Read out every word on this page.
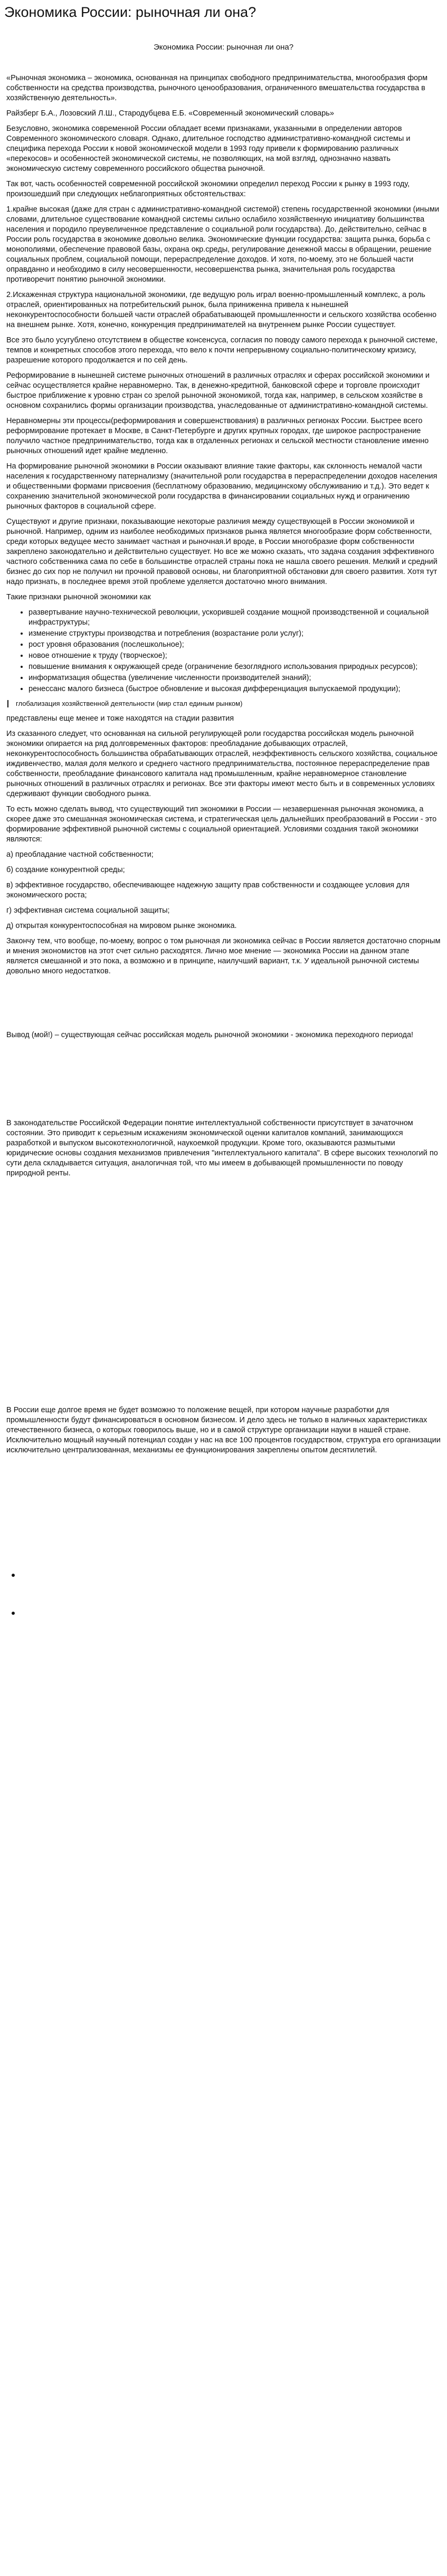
Экономика России: рыночная ли она?
Экономика России: рыночная ли она?

«Рыночная экономика – экономика, основанная на принципах свободного предпринимательства, многообразия форм собственности на средства производства, рыночного ценообразования, ограниченного вмешательства государства в хозяйственную деятельность».

Райзберг Б.А., Лозовский Л.Ш., Стародубцева Е.Б. «Современный экономический словарь»

Безусловно, экономика современной России обладает всеми признаками, указанными в определении авторов Современного экономического словаря. Однако, длительное господство административно-командной системы и специфика перехода России к новой экономической модели в 1993 году привели к формированию различных «перекосов» и особенностей экономической системы, не позволяющих, на мой взгляд, однозначно назвать экономическую систему современного российского общества рыночной.

Так вот, часть особенностей современной российской экономики определил переход России к рынку в 1993 году, произошедший при следующих неблагоприятных обстоятельствах:

1.крайне высокая (даже для стран с административно-командной системой) степень государственной экономики (иными словами, длительное существование командной системы сильно ослабило хозяйственную инициативу большинства населения и породило преувеличенное представление о социальной роли государства). До, действительно, сейчас в России роль государства в экономике довольно велика. Экономические функции государства: защита рынка, борьба с монополиями, обеспечение правовой базы, охрана окр.среды, регулирование денежной массы в обращении, решение социальных проблем, социальной помощи, перераспределение доходов. И хотя, по-моему, это не большей части оправданно и необходимо в силу несовершенности, несовершенства рынка, значительная роль государства противоречит понятию рыночной экономики.

2.Искаженная структура национальной экономики, где ведущую роль играл военно-промышленный комплекс, а роль отраслей, ориентированных на потребительский рынок, была приниженна привела к нынешней неконкурентоспособности большей части отраслей обрабатывающей промышленности и сельского хозяйства особенно на внешнем рынке. Хотя, конечно, конкуренция предпринимателей на внутреннем рынке России существует.

Все это было усугублено отсутствием в обществе консенсуса, согласия по поводу самого перехода к рыночной системе, темпов и конкретных способов этого перехода, что вело к почти непрерывному социально-политическому кризису, разрешение которого продолжается и по сей день.

Реформирование в нынешней системе рыночных отношений в различных отраслях и сферах российской экономики и сейчас осуществляется крайне неравномерно. Так, в денежно-кредитной, банковской сфере и торговле происходит быстрое приближение к уровню стран со зрелой рыночной экономикой, тогда как, например, в сельском хозяйстве в основном сохранились формы организации производства, унаследованные от административно-командной системы.

Неравномерны эти процессы(реформирования и совершенствования) в различных регионах России. Быстрее всего реформирование протекает в Москве, в Санкт-Петербурге и других крупных городах, где широкое распространение получило частное предпринимательство, тогда как в отдаленных регионах и сельской местности становление именно рыночных отношений идет крайне медленно.

На формирование рыночной экономики в России оказывают влияние такие факторы, как склонность немалой части населения к государственному патернализму (значительной роли государства в перераспределении доходов населения и общественными формами присвоения (бесплатному образованию, медицинскому обслуживанию и т.д.). Это ведет к сохранению значительной экономической роли государства в финансировании социальных нужд и ограничению рыночных факторов в социальной сфере.

Существуют и другие признаки, показывающие некоторые различия между существующей в России экономикой и рыночной. Например, одним из наиболее необходимых признаков рынка является многообразие форм собственности, среди которых ведущее место занимает частная и рыночная.И вроде, в России многобразие форм собственности закреплено законодательно и действительно существует. Но все же можно сказать, что задача создания эффективного частного собственника сама по себе в большинстве отраслей страны пока не нашла своего решения. Мелкий и средний бизнес до сих пор не получил ни прочной правовой основы, ни благоприятной обстановки для своего развития. Хотя тут надо признать, в последнее время этой проблеме уделяется достаточно много внимания.

Такие признаки рыночной экономики как

• развертывание научно-технической революции, ускорившей создание мощной производственной и социальной инфраструктуры;
• изменение структуры производства и потребления (возрастание роли услуг);
• рост уровня образования (послешкольное);
• новое отношение к труду (творческое);
• повышение внимания к окружающей среде (ограничение безоглядного использования природных ресурсов);
• информатизация общества (увеличение численности производителей знаний);
• ренессанс малого бизнеса (быстрое обновление и высокая дифференциация выпускаемой продукции);
глобализация хозяйственной деятельности (мир стал единым рынком)

представлены еще менее и тоже находятся на стадии развития

Из сказанного следует, что основанная на сильной регулирующей роли государства российская модель рыночной экономики опирается на ряд долговременных факторов: преобладание добывающих отраслей, неконкурентоспособность большинства обрабатывающих отраслей, неэффективность сельского хозяйства, социальное иждивенчество, малая доля мелкого и среднего частного предпринимательства, постоянное перераспределение прав собственности, преобладание финансового капитала над промышленным, крайне неравномерное становление рыночных отношений в различных отраслях и регионах. Все эти факторы имеют место быть и в современных условиях сдерживают функции свободного рынка.

То есть можно сделать вывод, что существующий тип экономики в России — незавершенная рыночная экономика, а скорее даже это смешанная экономическая система, и стратегическая цель дальнейших преобразований в России - это формирование эффективной рыночной системы с социальной ориентацией. Условиями создания такой экономики являются:

а) преобладание частной собственности;

б) создание конкурентной среды;

в) эффективное государство, обеспечивающее надежную защиту прав собственности и создающее условия для экономического роста;

г) эффективная система социальной защиты;

д) открытая конкурентоспособная на мировом рынке экономика.

Закончу тем, что вообще, по-моему, вопрос о том рыночная ли экономика сейчас в России является достаточно спорным и мнения экономистов на этот счет сильно расходятся. Лично мое мнение — экономика России на данном этапе является смешанной и это пока, а возможно и в принципе, наилучший вариант, т.к. У идеальной рыночной системы довольно много недостатков.

Вывод (мой!) – существующая сейчас российская модель рыночной экономики - экономика переходного периода!

В законодательстве Российской Федерации понятие интеллектуальной собственности присутствует в зачаточном состоянии. Это приводит к серьезным искажениям экономической оценки капиталов компаний, занимающихся разработкой и выпуском высокотехнологичной, наукоемкой продукции. Кроме того, оказываются размытыми юридические основы создания механизмов привлечения "интеллектуального капитала". В сфере высоких технологий по сути дела складывается ситуация, аналогичная той, что мы имеем в добывающей промышленности по поводу природной ренты.

В России еще долгое время не будет возможно то положение вещей, при котором научные разработки для промышленности будут финансироваться в основном бизнесом. И дело здесь не только в наличных характеристиках отечественного бизнеса, о которых говорилось выше, но и в самой структуре организации науки в нашей стране. Исключительно мощный научный потенциал создан у нас на все 100 процентов государством, структура его организации исключительно централизованная, механизмы ее функционирования закреплены опытом десятилетий.
